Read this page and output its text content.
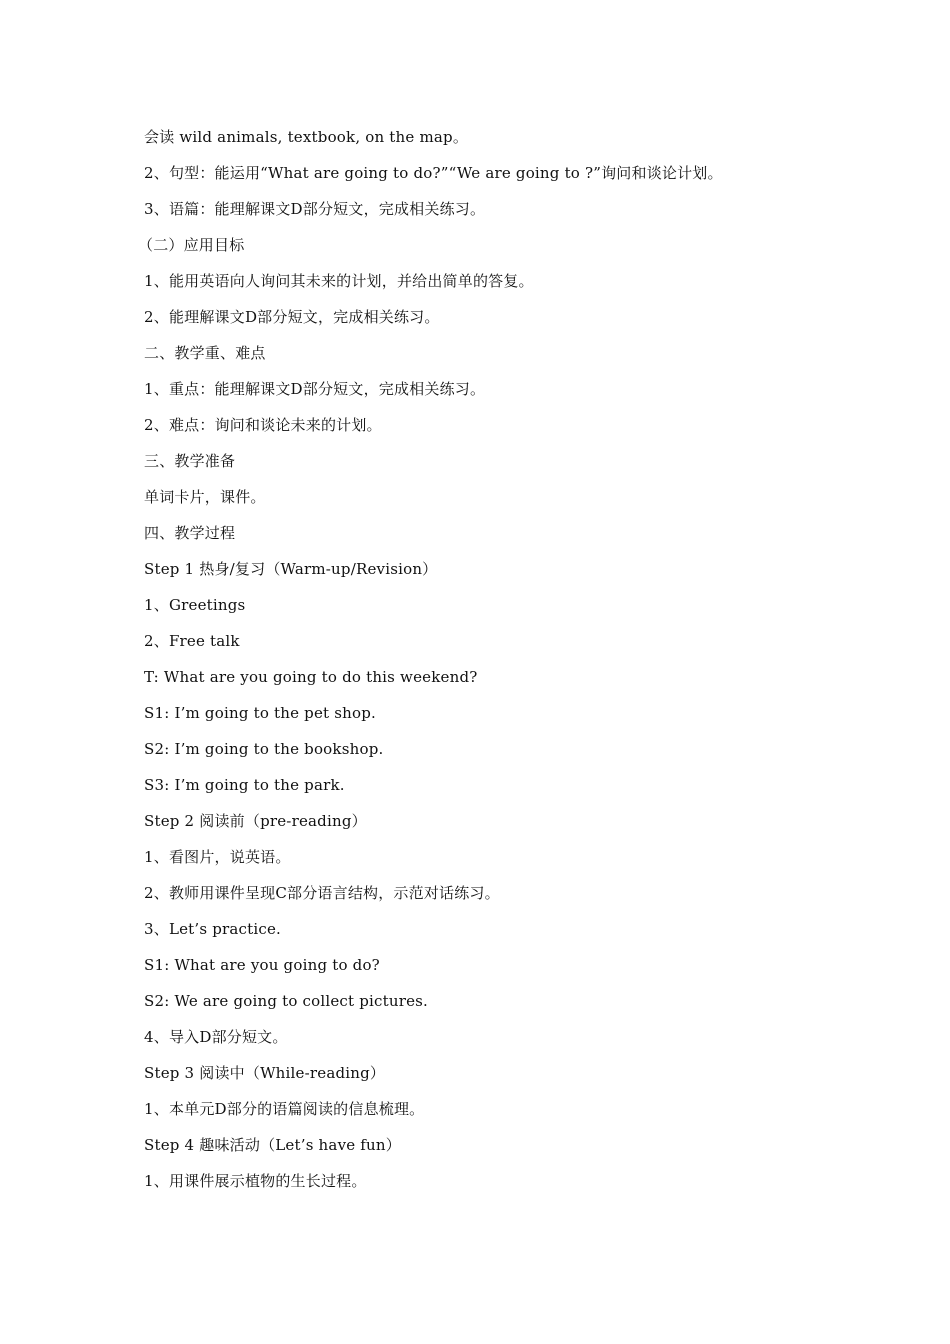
会读 wild animals, textbook, on the map。
2、句型：能运用“What are going to do?”“We are going to ?”询问和谈论计划。
3、语篇：能理解课文D部分短文，完成相关练习。
（二）应用目标
1、能用英语向人询问其未来的计划，并给出简单的答复。
2、能理解课文D部分短文，完成相关练习。
二、教学重、难点
1、重点：能理解课文D部分短文，完成相关练习。
2、难点：询问和谈论未来的计划。
三、教学准备
单词卡片，课件。
四、教学过程
Step 1 热身/复习（Warm-up/Revision）
1、Greetings
2、Free talk
T: What are you going to do this weekend?
S1: I’m going to the pet shop.
S2: I’m going to the bookshop.
S3: I’m going to the park.
Step 2 阅读前（pre-reading）
1、看图片，说英语。
2、教师用课件呈现C部分语言结构，示范对话练习。
3、Let’s practice.
S1: What are you going to do?
S2: We are going to collect pictures.
4、导入D部分短文。
Step 3 阅读中（While-reading）
1、本单元D部分的语篇阅读的信息梳理。
Step 4 趣味活动（Let’s have fun）
1、用课件展示植物的生长过程。
